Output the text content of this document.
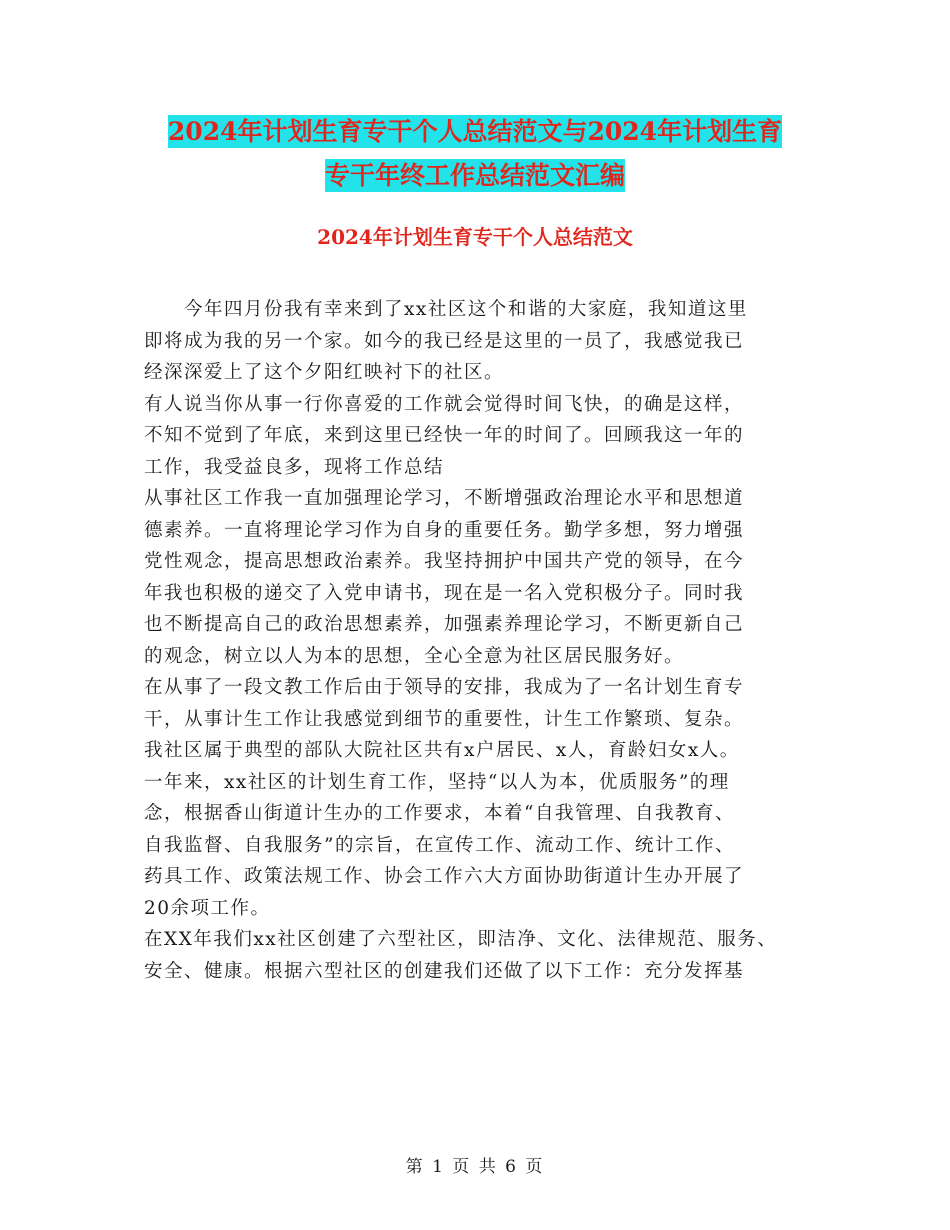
2024年计划生育专干个人总结范文与2024年计划生育
专干年终工作总结范文汇编
2024年计划生育专干个人总结范文
今年四月份我有幸来到了xx社区这个和谐的大家庭，我知道这里
即将成为我的另一个家。如今的我已经是这里的一员了，我感觉我已
经深深爱上了这个夕阳红映衬下的社区。
有人说当你从事一行你喜爱的工作就会觉得时间飞快，的确是这样，
不知不觉到了年底，来到这里已经快一年的时间了。回顾我这一年的
工作，我受益良多，现将工作总结
从事社区工作我一直加强理论学习，不断增强政治理论水平和思想道
德素养。一直将理论学习作为自身的重要任务。勤学多想，努力增强
党性观念，提高思想政治素养。我坚持拥护中国共产党的领导，在今
年我也积极的递交了入党申请书，现在是一名入党积极分子。同时我
也不断提高自己的政治思想素养，加强素养理论学习，不断更新自己
的观念，树立以人为本的思想，全心全意为社区居民服务好。
在从事了一段文教工作后由于领导的安排，我成为了一名计划生育专
干，从事计生工作让我感觉到细节的重要性，计生工作繁琐、复杂。
我社区属于典型的部队大院社区共有x户居民、x人，育龄妇女x人。
一年来，xx社区的计划生育工作，坚持“以人为本，优质服务”的理
念，根据香山街道计生办的工作要求，本着“自我管理、自我教育、
自我监督、自我服务”的宗旨，在宣传工作、流动工作、统计工作、
药具工作、政策法规工作、协会工作六大方面协助街道计生办开展了
20余项工作。
在XX年我们xx社区创建了六型社区，即洁净、文化、法律规范、服务、
安全、健康。根据六型社区的创建我们还做了以下工作：充分发挥基
第 1 页 共 6 页
